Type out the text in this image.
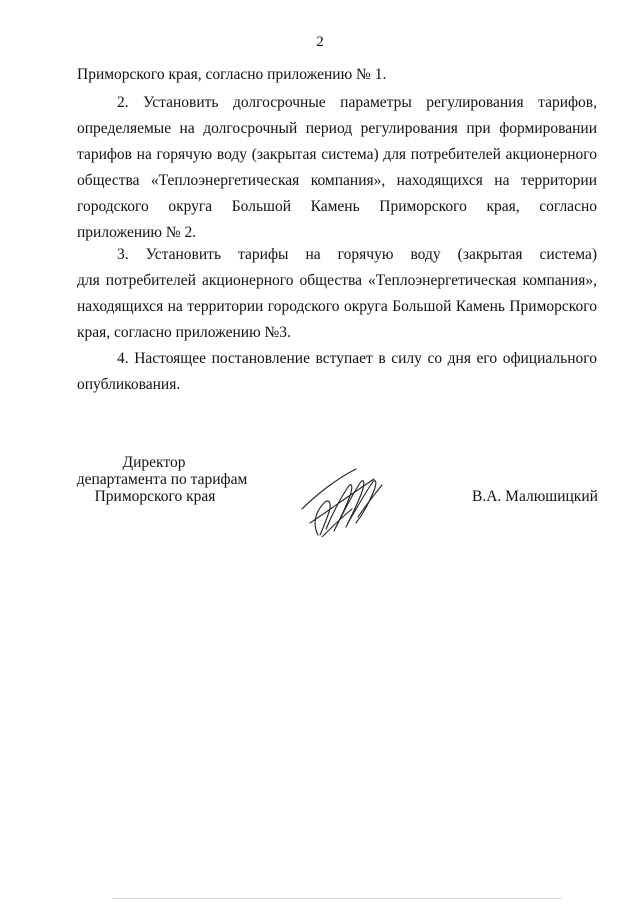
2
Приморского края, согласно приложению № 1.
2. Установить долгосрочные параметры регулирования тарифов,
определяемые на долгосрочный период регулирования при формировании
тарифов на горячую воду (закрытая система) для потребителей акционерного
общества «Теплоэнергетическая компания», находящихся на территории
городского округа Большой Камень Приморского края, согласно
приложению № 2.
3. Установить тарифы на горячую воду (закрытая система)
для потребителей акционерного общества «Теплоэнергетическая компания»,
находящихся на территории городского округа Большой Камень Приморского
края, согласно приложению №3.
4. Настоящее постановление вступает в силу со дня его официального
опубликования.
Директор
департамента по тарифам
Приморского края	В.А. Малюшицкий
